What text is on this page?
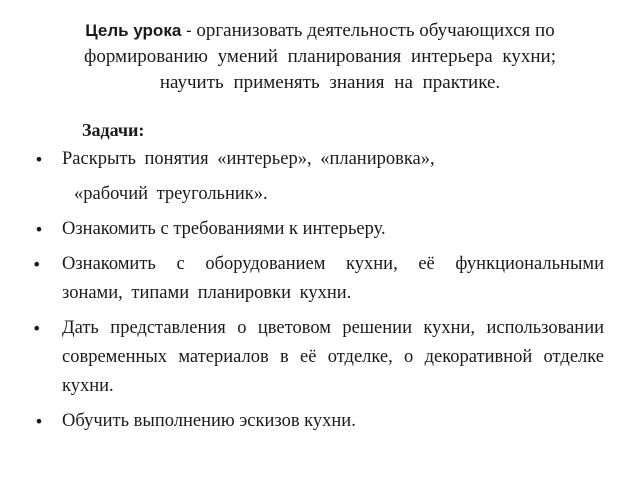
Цель урока - организовать деятельность обучающихся по
формированию умений планирования интерьера кухни;
научить применять знания на практике.
Задачи:
• Раскрыть понятия «интерьер», «планировка»,
«рабочий треугольник».
• Ознакомить с требованиями к интерьеру.
• Ознакомить с оборудованием кухни, её функциональными зонами, типами планировки кухни.
• Дать представления о цветовом решении кухни, использовании современных материалов в её отделке, о декоративной отделке кухни.
• Обучить выполнению эскизов кухни.
